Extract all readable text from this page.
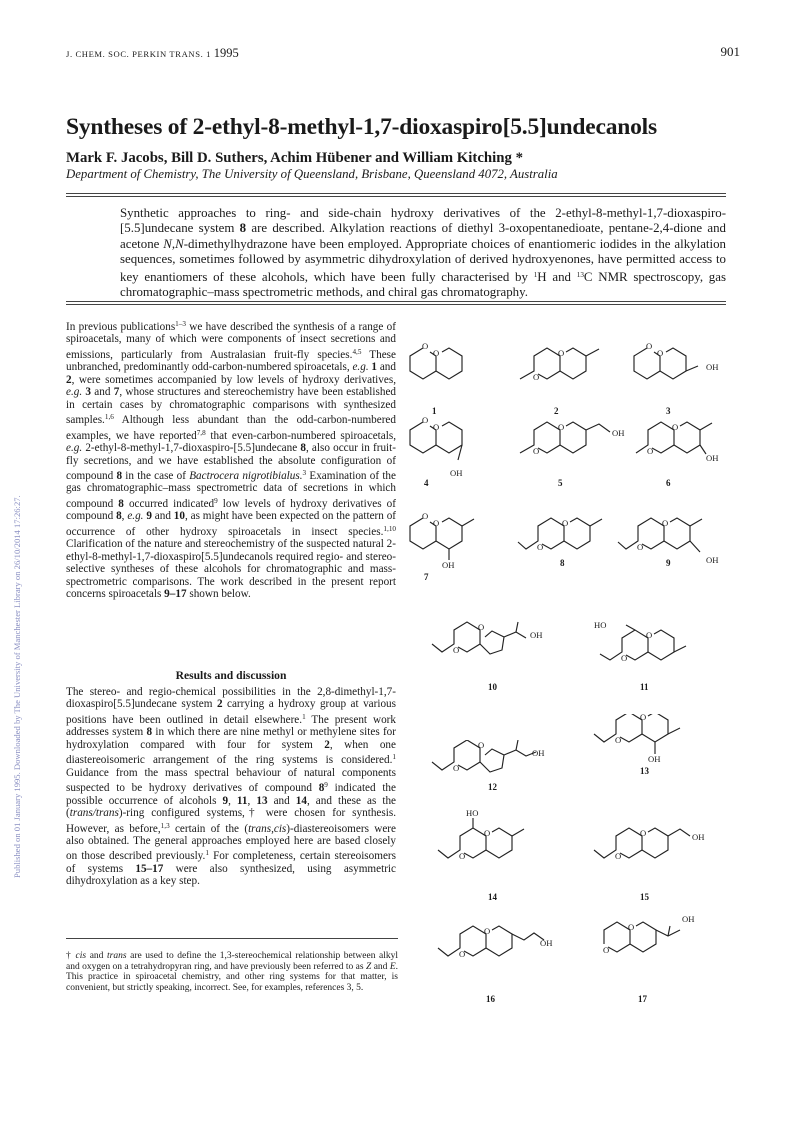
Published on 01 January 1995. Downloaded by The University of Manchester Library on 26/10/2014 17:26:27.
J. CHEM. SOC. PERKIN TRANS. 1 1995	901
Syntheses of 2-ethyl-8-methyl-1,7-dioxaspiro[5.5]undecanols
Mark F. Jacobs, Bill D. Suthers, Achim Hübener and William Kitching *
Department of Chemistry, The University of Queensland, Brisbane, Queensland 4072, Australia
Synthetic approaches to ring- and side-chain hydroxy derivatives of the 2-ethyl-8-methyl-1,7-dioxaspiro-[5.5]undecane system 8 are described. Alkylation reactions of diethyl 3-oxopentanedioate, pentane-2,4-dione and acetone N,N-dimethylhydrazone have been employed. Appropriate choices of enantiomeric iodides in the alkylation sequences, sometimes followed by asymmetric dihydroxylation of derived hydroxyenones, have permitted access to key enantiomers of these alcohols, which have been fully characterised by $^1$H and $^{13}$C NMR spectroscopy, gas chromatographic–mass spectrometric methods, and chiral gas chromatography.
In previous publications$^{1-3}$ we have described the synthesis of a range of spiroacetals, many of which were components of insect secretions and emissions, particularly from Australasian fruit-fly species.$^{4,5}$ These unbranched, predominantly odd-carbon-numbered spiroacetals, e.g. 1 and 2, were sometimes accompanied by low levels of hydroxy derivatives, e.g. 3 and 7, whose structures and stereochemistry have been established in certain cases by chromatographic comparisons with synthesized samples.$^{1,6}$ Although less abundant than the odd-carbon-numbered examples, we have reported$^{7,8}$ that even-carbon-numbered spiroacetals, e.g. 2-ethyl-8-methyl-1,7-dioxaspiro-[5.5]undecane 8, also occur in fruit-fly secretions, and we have established the absolute configuration of compound 8 in the case of Bactrocera nigrotibialus.$^3$ Examination of the gas chromatographic–mass spectrometric data of secretions in which compound 8 occurred indicated$^9$ low levels of hydroxy derivatives of compound 8, e.g. 9 and 10, as might have been expected on the pattern of occurrence of other hydroxy spiroacetals in insect species.$^{1,10}$ Clarification of the nature and stereochemistry of the suspected natural 2-ethyl-8-methyl-1,7-dioxaspiro[5.5]undecanols required regio- and stereo-selective syntheses of these alcohols for chromatographic and mass-spectrometric comparisons. The work described in the present report concerns spiroacetals 9–17 shown below.
Results and discussion
The stereo- and regio-chemical possibilities in the 2,8-dimethyl-1,7-dioxaspiro[5.5]undecane system 2 carrying a hydroxy group at various positions have been outlined in detail elsewhere.$^1$ The present work addresses system 8 in which there are nine methyl or methylene sites for hydroxylation compared with four for system 2, when one diastereoisomeric arrangement of the ring systems is considered.$^1$ Guidance from the mass spectral behaviour of natural components suspected to be hydroxy derivatives of compound 8$^9$ indicated the possible occurrence of alcohols 9, 11, 13 and 14, and these as the (trans/trans)-ring configured systems,† were chosen for synthesis. However, as before,$^{1,3}$ certain of the (trans,cis)-diastereoisomers were also obtained. The general approaches employed here are based closely on those described previously.$^1$ For completeness, certain stereoisomers of systems 15–17 were also synthesized, using asymmetric dihydroxylation as a key step.
† cis and trans are used to define the 1,3-stereochemical relationship between alkyl and oxygen on a tetrahydropyran ring, and have previously been referred to as Z and E. This practice in spiroacetal chemistry, and other ring systems for that matter, is convenient, but strictly speaking, incorrect. See, for examples, references 3, 5.
O
O
1
O
O
2
O
O
OH
3
O
O
OH
4
O
O
OH
5
O
O
OH
6
O
O
OH
7
O
O
8
O
O
OH
9
O
O
OH
10
HO
O
O
11
O
O
OH
12
O
O
OH
13
HO
O
O
14
O
O	OH
15
O
O
OH
16
O
O
OH
17
